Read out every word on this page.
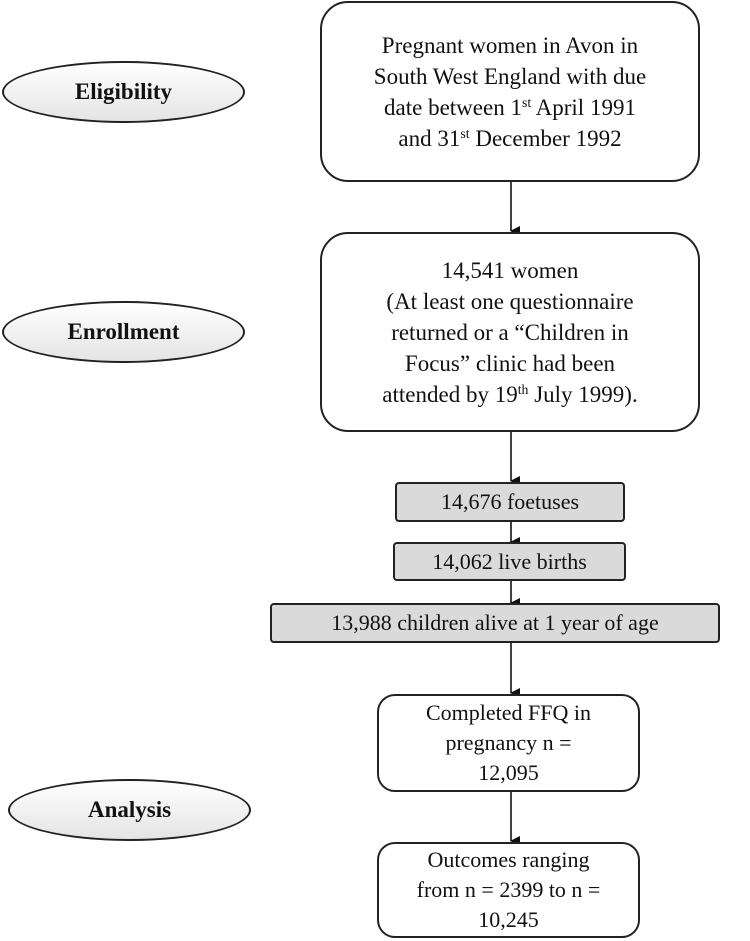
Eligibility
Enrollment
Analysis
Pregnant women in Avon in
South West England with due
date between 1st April 1991
and 31st December 1992
14,541 women
(At least one questionnaire
returned or a “Children in
Focus” clinic had been
attended by 19th July 1999).
14,676 foetuses
14,062 live births
13,988 children alive at 1 year of age
Completed FFQ in
pregnancy n =
12,095
Outcomes ranging
from n = 2399 to n =
10,245
